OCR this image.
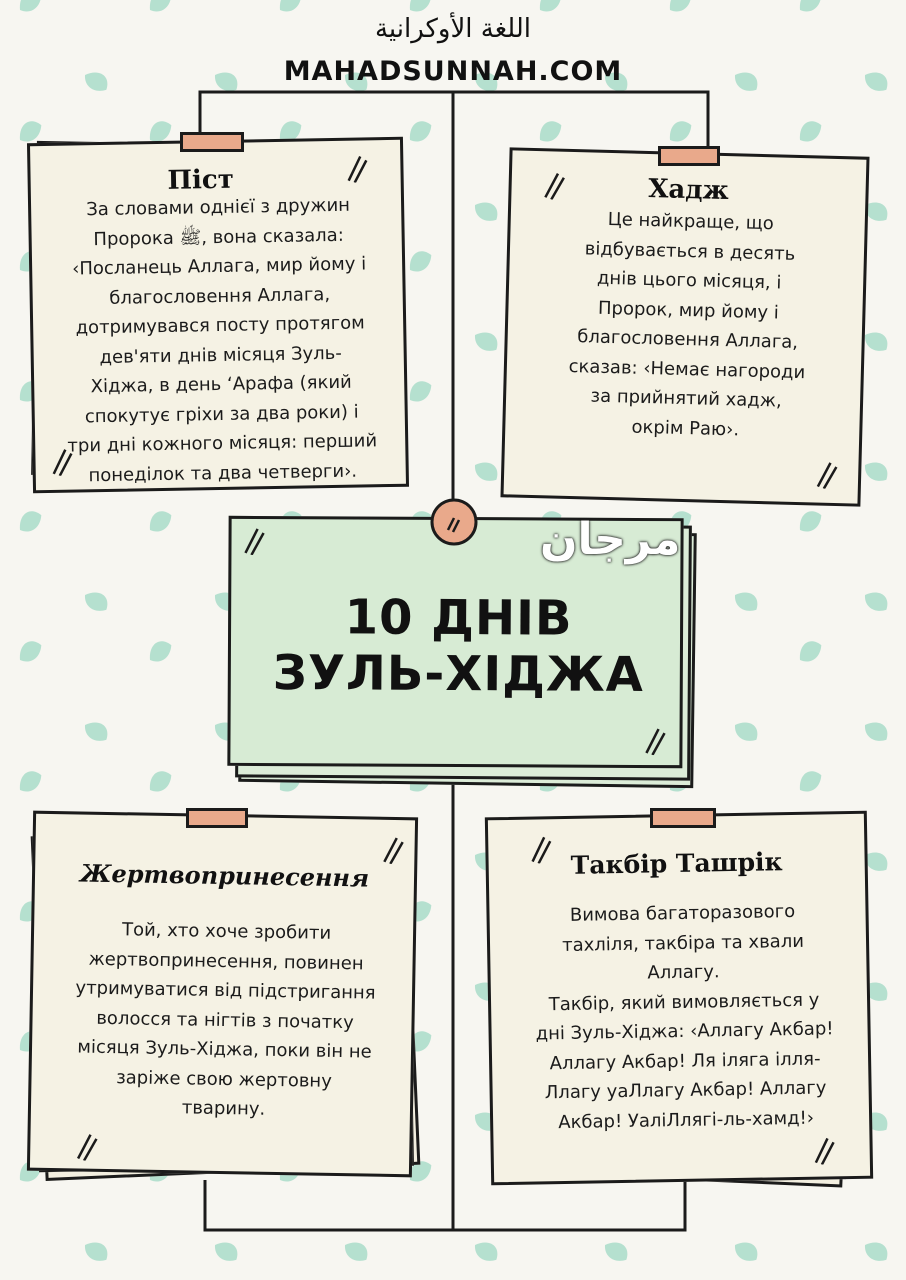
اللغة الأوكرانية
MAHADSUNNAH.COM
Піст
За словами однієї з дружин
Пророка ﷺ, вона сказала:
‹Посланець Аллага, мир йому і
благословення Аллага,
дотримувався посту протягом
дев'яти днів місяця Зуль-
Хіджа, в день ʻАрафа (який
спокутує гріхи за два роки) і
три дні кожного місяця: перший
понеділок та два четверги›.
Хадж
Це найкраще, що
відбувається в десять
днів цього місяця, і
Пророк, мир йому і
благословення Аллага,
сказав: ‹Немає нагороди
за прийнятий хадж,
окрім Раю›.
10 ДНІВ
ЗУЛЬ-ХІДЖА
مرجان
Жертвопринесення
Той, хто хоче зробити
жертвопринесення, повинен
утримуватися від підстригання
волосся та нігтів з початку
місяця Зуль-Хіджа, поки він не
заріже свою жертовну
тварину.
Такбір Ташрік
Вимова багаторазового
тахліля, такбіра та хвали
Аллагу.
Такбір, який вимовляється у
дні Зуль-Хіджа: ‹Аллагу Акбар!
Аллагу Акбар! Ля іляга ілля-
Ллагу уаЛлагу Акбар! Аллагу
Акбар! УаліЛлягі-ль-хамд!›
